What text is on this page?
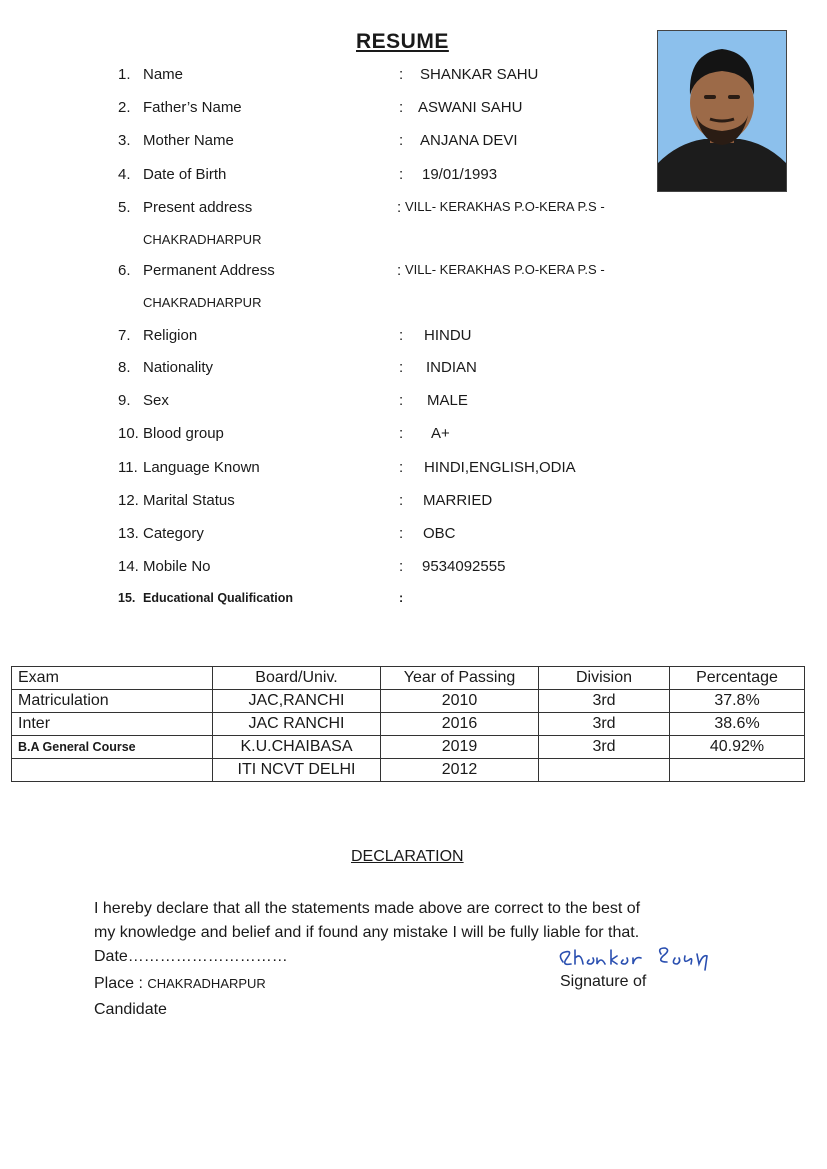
RESUME
1. Name	: SHANKAR SAHU
2. Father’s Name	: ASWANI SAHU
3. Mother Name	: ANJANA DEVI
4. Date of Birth	: 19/01/1993
5. Present address	: VILL- KERAKHAS P.O-KERA P.S -
CHAKRADHARPUR
6. Permanent Address	: VILL- KERAKHAS P.O-KERA P.S -
CHAKRADHARPUR
7. Religion	: HINDU
8. Nationality	: INDIAN
9. Sex	: MALE
10. Blood group	: A+
11. Language Known	: HINDI,ENGLISH,ODIA
12. Marital Status	: MARRIED
13. Category	: OBC
14. Mobile No	: 9534092555
15. Educational Qualification	:
Exam	Board/Univ.	Year of Passing	Division	Percentage
Matriculation	JAC,RANCHI	2010	3rd	37.8%
Inter	JAC RANCHI	2016	3rd	38.6%
B.A General Course	K.U.CHAIBASA	2019	3rd	40.92%
	ITI NCVT DELHI	2012		
DECLARATION
I hereby declare that all the statements made above are correct to the best of
my knowledge and belief and if found any mistake I will be fully liable for that.
Date…………………………
Place : CHAKRADHARPUR
Candidate
Signature of
